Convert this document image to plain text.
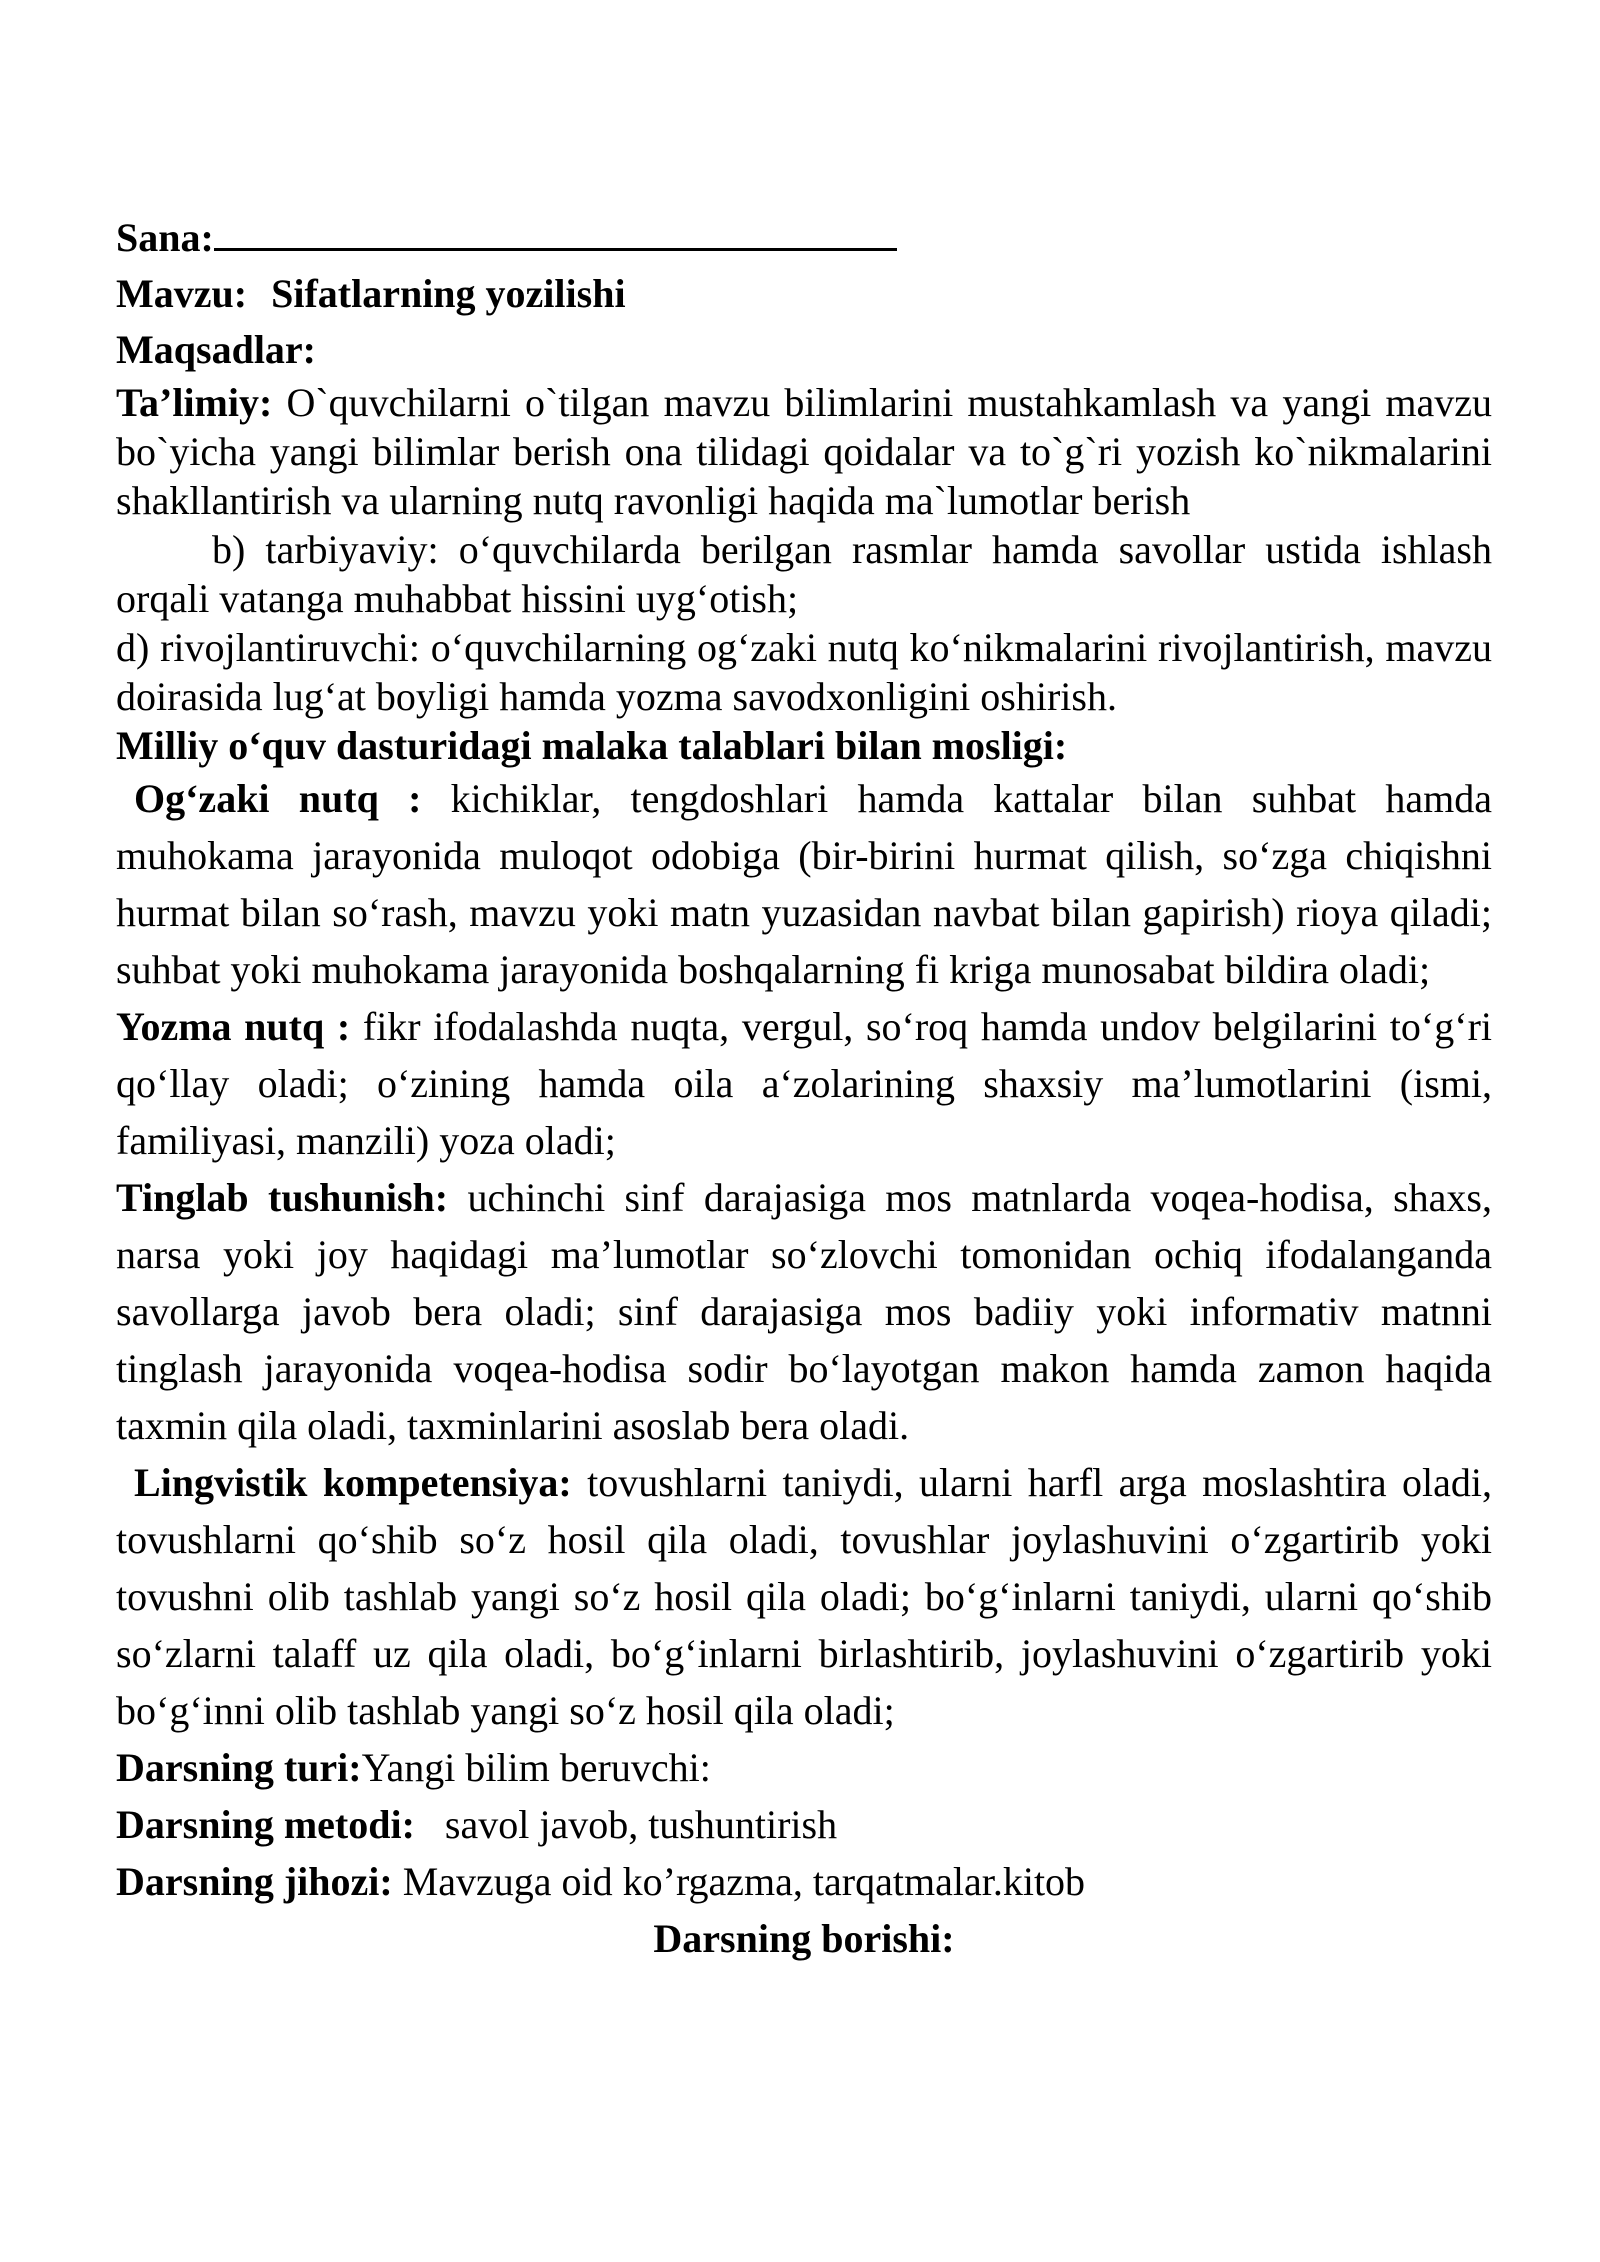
Sana:

Mavzu: Sifatlarning yozilishi

Maqsadlar:

Ta’limiy: O`quvchilarni o`tilgan mavzu bilimlarini mustahkamlash va yangi mavzu bo`yicha yangi bilimlar berish ona tilidagi qoidalar va to`g`ri yozish ko`nikmalarini shakllantirish va ularning nutq ravonligi haqida ma`lumotlar berish

b) tarbiyaviy: o‘quvchilarda berilgan rasmlar hamda savollar ustida ishlash orqali vatanga muhabbat hissini uyg‘otish;

d) rivojlantiruvchi: o‘quvchilarning og‘zaki nutq ko‘nikmalarini rivojlantirish, mavzu doirasida lug‘at boyligi hamda yozma savodxonligini oshirish.

Milliy o‘quv dasturidagi malaka talablari bilan mosligi:

Og‘zaki nutq : kichiklar, tengdoshlari hamda kattalar bilan suhbat hamda muhokama jarayonida muloqot odobiga (bir-birini hurmat qilish, so‘zga chiqishni hurmat bilan so‘rash, mavzu yoki matn yuzasidan navbat bilan gapirish) rioya qiladi; suhbat yoki muhokama jarayonida boshqalarning fi kriga munosabat bildira oladi;

Yozma nutq : fikr ifodalashda nuqta, vergul, so‘roq hamda undov belgilarini to‘g‘ri qo‘llay oladi; o‘zining hamda oila a‘zolarining shaxsiy ma’lumotlarini (ismi, familiyasi, manzili) yoza oladi;

Tinglab tushunish: uchinchi sinf darajasiga mos matnlarda voqea-hodisa, shaxs, narsa yoki joy haqidagi ma’lumotlar so‘zlovchi tomonidan ochiq ifodalanganda savollarga javob bera oladi; sinf darajasiga mos badiiy yoki informativ matnni tinglash jarayonida voqea-hodisa sodir bo‘layotgan makon hamda zamon haqida taxmin qila oladi, taxminlarini asoslab bera oladi.

Lingvistik kompetensiya: tovushlarni taniydi, ularni harfl arga moslashtira oladi, tovushlarni qo‘shib so‘z hosil qila oladi, tovushlar joylashuvini o‘zgartirib yoki tovushni olib tashlab yangi so‘z hosil qila oladi; bo‘g‘inlarni taniydi, ularni qo‘shib so‘zlarni talaff uz qila oladi, bo‘g‘inlarni birlashtirib, joylashuvini o‘zgartirib yoki bo‘g‘inni olib tashlab yangi so‘z hosil qila oladi;

Darsning turi:Yangi bilim beruvchi:

Darsning metodi:   savol javob, tushuntirish

Darsning jihozi: Mavzuga oid ko’rgazma, tarqatmalar.kitob

Darsning borishi:
